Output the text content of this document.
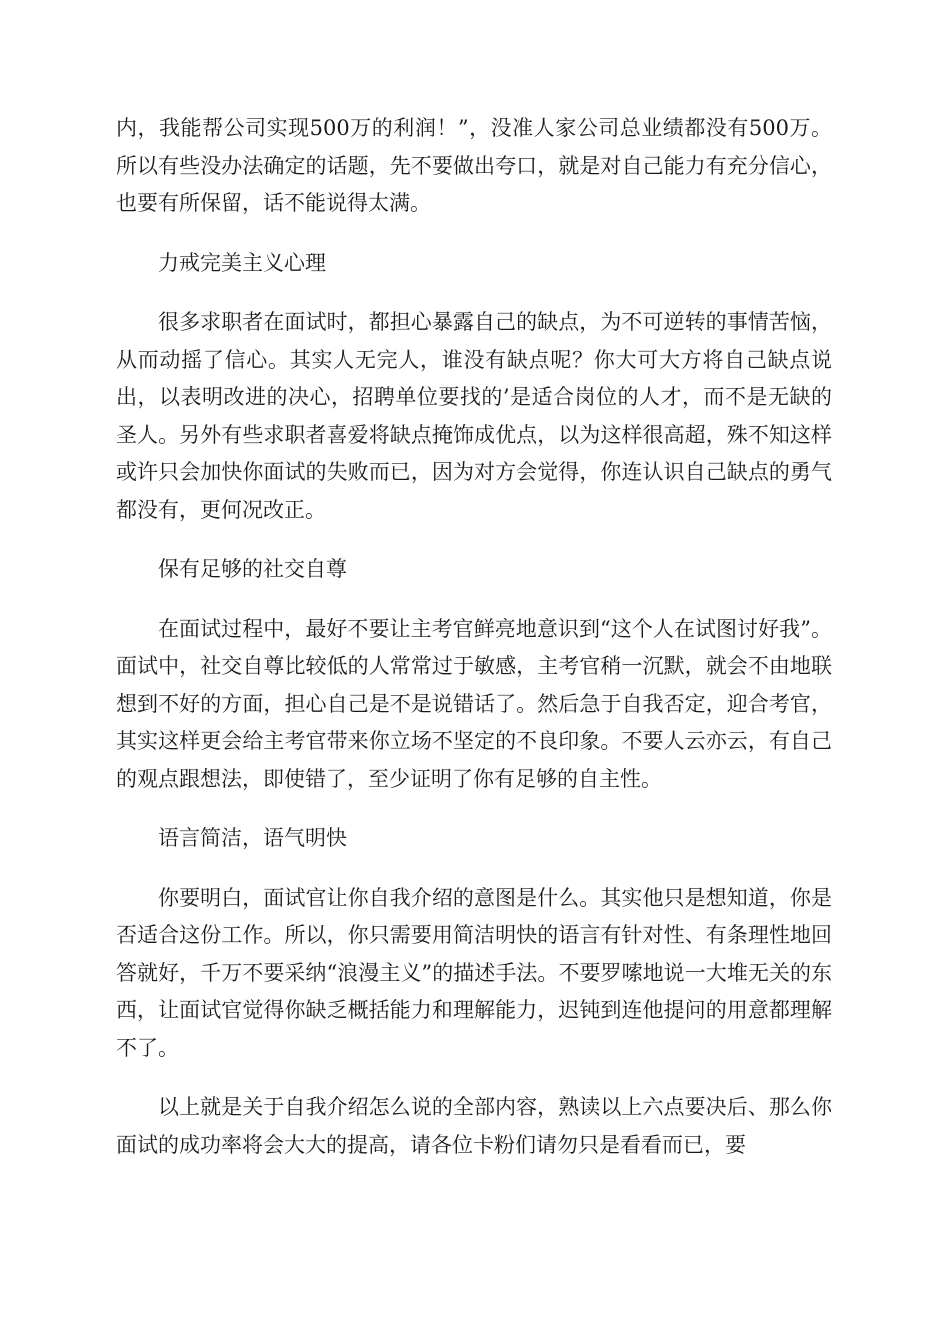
内，我能帮公司实现500万的利润！”，没准人家公司总业绩都没有500万。所以有些没办法确定的话题，先不要做出夸口，就是对自己能力有充分信心，也要有所保留，话不能说得太满。

力戒完美主义心理

很多求职者在面试时，都担心暴露自己的缺点，为不可逆转的事情苦恼，从而动摇了信心。其实人无完人，谁没有缺点呢？你大可大方将自己缺点说出，以表明改进的决心，招聘单位要找的’是适合岗位的人才，而不是无缺的圣人。另外有些求职者喜爱将缺点掩饰成优点，以为这样很高超，殊不知这样或许只会加快你面试的失败而已，因为对方会觉得，你连认识自己缺点的勇气都没有，更何况改正。

保有足够的社交自尊

在面试过程中，最好不要让主考官鲜亮地意识到“这个人在试图讨好我”。面试中，社交自尊比较低的人常常过于敏感，主考官稍一沉默，就会不由地联想到不好的方面，担心自己是不是说错话了。然后急于自我否定，迎合考官，其实这样更会给主考官带来你立场不坚定的不良印象。不要人云亦云，有自己的观点跟想法，即使错了，至少证明了你有足够的自主性。

语言简洁，语气明快

你要明白，面试官让你自我介绍的意图是什么。其实他只是想知道，你是否适合这份工作。所以，你只需要用简洁明快的语言有针对性、有条理性地回答就好，千万不要采纳“浪漫主义”的描述手法。不要罗嗦地说一大堆无关的东西，让面试官觉得你缺乏概括能力和理解能力，迟钝到连他提问的用意都理解不了。

以上就是关于自我介绍怎么说的全部内容，熟读以上六点要决后、那么你面试的成功率将会大大的提高，请各位卡粉们请勿只是看看而已，要
